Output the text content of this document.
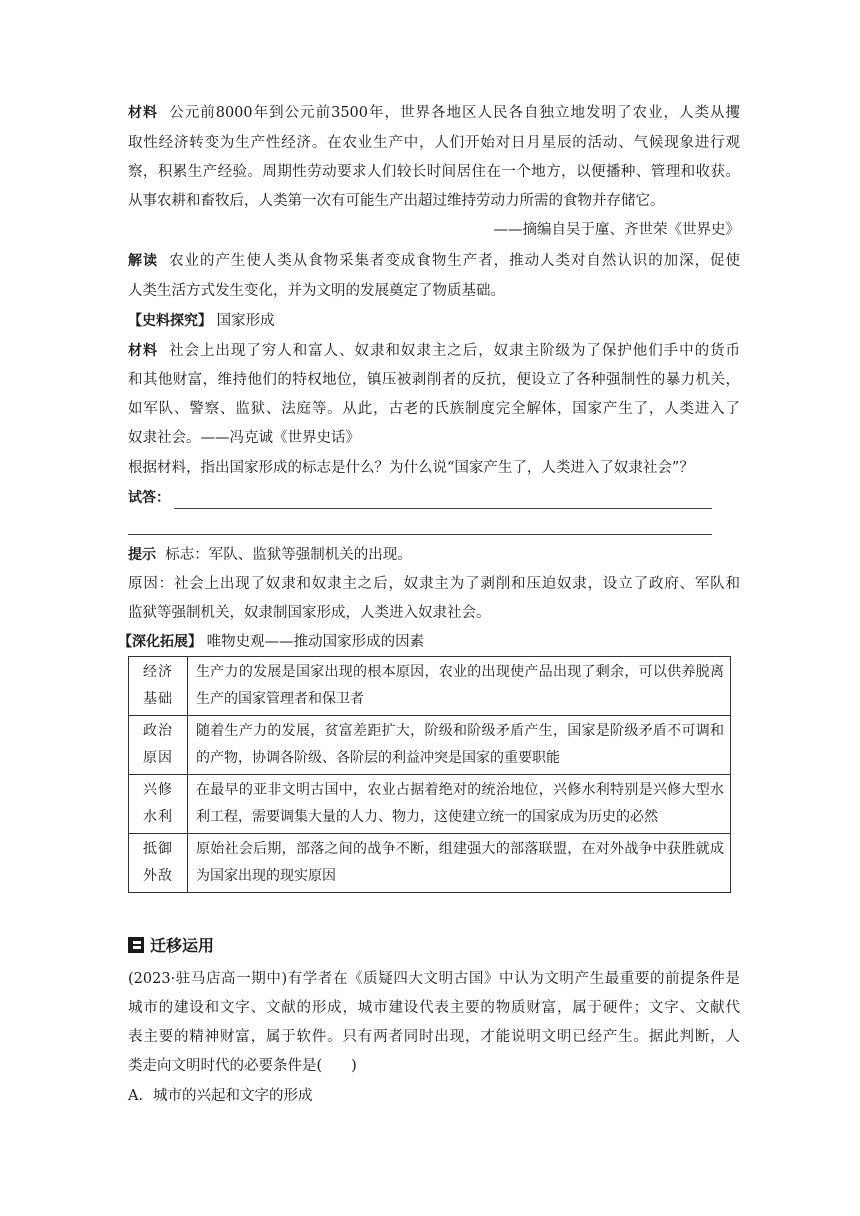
材料 公元前8000年到公元前3500年，世界各地区人民各自独立地发明了农业，人类从攫
取性经济转变为生产性经济。在农业生产中，人们开始对日月星辰的活动、气候现象进行观
察，积累生产经验。周期性劳动要求人们较长时间居住在一个地方，以便播种、管理和收获。
从事农耕和畜牧后，人类第一次有可能生产出超过维持劳动力所需的食物并存储它。
——摘编自吴于廑、齐世荣《世界史》
解读 农业的产生使人类从食物采集者变成食物生产者，推动人类对自然认识的加深，促使
人类生活方式发生变化，并为文明的发展奠定了物质基础。
【史料探究】 国家形成
材料 社会上出现了穷人和富人、奴隶和奴隶主之后，奴隶主阶级为了保护他们手中的货币
和其他财富，维持他们的特权地位，镇压被剥削者的反抗，便设立了各种强制性的暴力机关，
如军队、警察、监狱、法庭等。从此，古老的氏族制度完全解体，国家产生了，人类进入了
奴隶社会。——冯克诚《世界史话》
根据材料，指出国家形成的标志是什么？为什么说“国家产生了，人类进入了奴隶社会”？
试答：
提示 标志：军队、监狱等强制机关的出现。
原因：社会上出现了奴隶和奴隶主之后，奴隶主为了剥削和压迫奴隶，设立了政府、军队和
监狱等强制机关，奴隶制国家形成，人类进入奴隶社会。
【深化拓展】 唯物史观——推动国家形成的因素
经济
基础	生产力的发展是国家出现的根本原因，农业的出现使产品出现了剩余，可以供养脱离生产的国家管理者和保卫者
政治
原因	随着生产力的发展，贫富差距扩大，阶级和阶级矛盾产生，国家是阶级矛盾不可调和的产物，协调各阶级、各阶层的利益冲突是国家的重要职能
兴修
水利	在最早的亚非文明古国中，农业占据着绝对的统治地位，兴修水利特别是兴修大型水利工程，需要调集大量的人力、物力，这使建立统一的国家成为历史的必然
抵御
外敌	原始社会后期，部落之间的战争不断，组建强大的部落联盟，在对外战争中获胜就成为国家出现的现实原因
迁移运用
(2023·驻马店高一期中)有学者在《质疑四大文明古国》中认为文明产生最重要的前提条件是
城市的建设和文字、文献的形成，城市建设代表主要的物质财富，属于硬件；文字、文献代
表主要的精神财富，属于软件。只有两者同时出现，才能说明文明已经产生。据此判断，人
类走向文明时代的必要条件是(　　)
A．城市的兴起和文字的形成
